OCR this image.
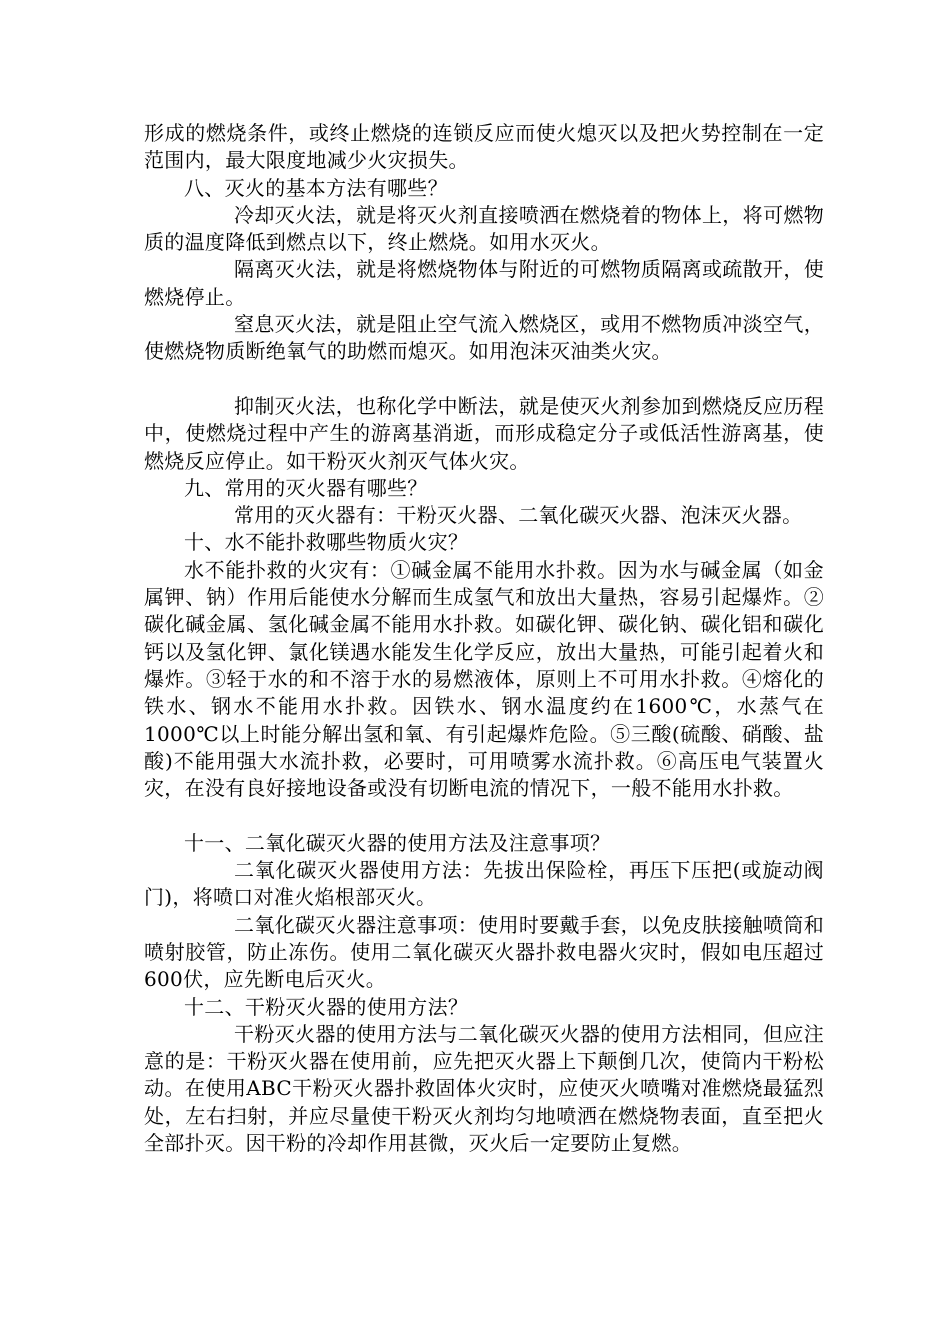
形成的燃烧条件，或终止燃烧的连锁反应而使火熄灭以及把火势控制在一定范围内，最大限度地减少火灾损失。

八、灭火的基本方法有哪些？

冷却灭火法，就是将灭火剂直接喷洒在燃烧着的物体上，将可燃物质的温度降低到燃点以下，终止燃烧。如用水灭火。

隔离灭火法，就是将燃烧物体与附近的可燃物质隔离或疏散开，使燃烧停止。

窒息灭火法，就是阻止空气流入燃烧区，或用不燃物质冲淡空气，使燃烧物质断绝氧气的助燃而熄灭。如用泡沫灭油类火灾。

抑制灭火法，也称化学中断法，就是使灭火剂参加到燃烧反应历程中，使燃烧过程中产生的游离基消逝，而形成稳定分子或低活性游离基，使燃烧反应停止。如干粉灭火剂灭气体火灾。

九、常用的灭火器有哪些？

常用的灭火器有：干粉灭火器、二氧化碳灭火器、泡沫灭火器。

十、水不能扑救哪些物质火灾？

水不能扑救的火灾有：①碱金属不能用水扑救。因为水与碱金属（如金属钾、钠）作用后能使水分解而生成氢气和放出大量热，容易引起爆炸。②　碳化碱金属、氢化碱金属不能用水扑救。如碳化钾、碳化钠、碳化铝和碳化钙以及氢化钾、氯化镁遇水能发生化学反应，放出大量热，可能引起着火和爆炸。③轻于水的和不溶于水的易燃液体，原则上不可用水扑救。④熔化的铁水、钢水不能用水扑救。因铁水、钢水温度约在1600℃，水蒸气在1000℃以上时能分解出氢和氧、有引起爆炸危险。⑤三酸(硫酸、硝酸、盐酸)不能用强大水流扑救，必要时，可用喷雾水流扑救。⑥高压电气装置火灾，在没有良好接地设备或没有切断电流的情况下，一般不能用水扑救。

十一、二氧化碳灭火器的使用方法及注意事项？

二氧化碳灭火器使用方法：先拔出保险栓，再压下压把(或旋动阀门)，将喷口对准火焰根部灭火。

二氧化碳灭火器注意事项：使用时要戴手套，以免皮肤接触喷筒和喷射胶管，防止冻伤。使用二氧化碳灭火器扑救电器火灾时，假如电压超过600伏，应先断电后灭火。

十二、干粉灭火器的使用方法？

干粉灭火器的使用方法与二氧化碳灭火器的使用方法相同，但应注意的是：干粉灭火器在使用前，应先把灭火器上下颠倒几次，使筒内干粉松动。在使用ABC干粉灭火器扑救固体火灾时，应使灭火喷嘴对准燃烧最猛烈处，左右扫射，并应尽量使干粉灭火剂均匀地喷洒在燃烧物表面，直至把火全部扑灭。因干粉的冷却作用甚微，灭火后一定要防止复燃。
